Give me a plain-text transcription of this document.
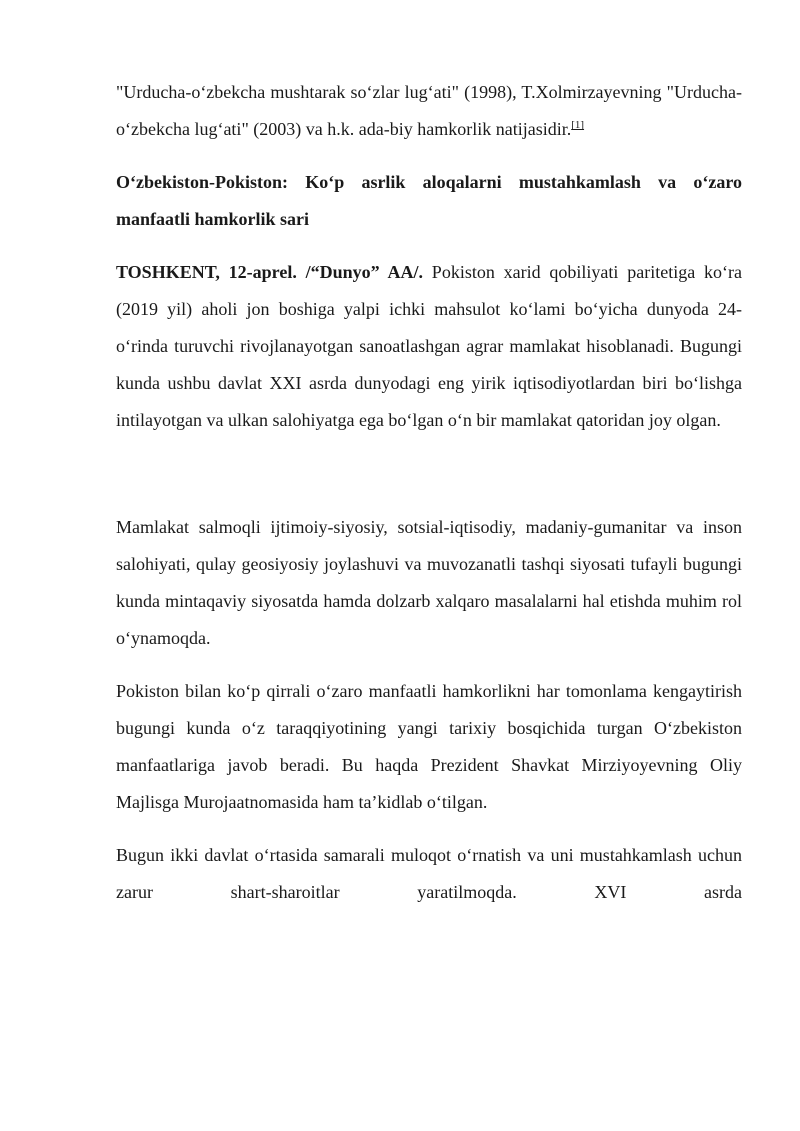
"Urducha-o‘zbekcha mushtarak so‘zlar lug‘ati" (1998), T.Xolmirzayevning "Urducha-o‘zbekcha lug‘ati" (2003) va h.k. ada-biy hamkorlik natijasidir.[1]

O‘zbekiston-Pokiston: Ko‘p asrlik aloqalarni mustahkamlash va o‘zaro manfaatli hamkorlik sari

TOSHKENT, 12-aprel. /“Dunyo” AA/. Pokiston xarid qobiliyati paritetiga ko‘ra (2019 yil) aholi jon boshiga yalpi ichki mahsulot ko‘lami bo‘yicha dunyoda 24-o‘rinda turuvchi rivojlanayotgan sanoatlashgan agrar mamlakat hisoblanadi. Bugungi kunda ushbu davlat XXI asrda dunyodagi eng yirik iqtisodiyotlardan biri bo‘lishga intilayotgan va ulkan salohiyatga ega bo‘lgan o‘n bir mamlakat qatoridan joy olgan.

Mamlakat salmoqli ijtimoiy-siyosiy, sotsial-iqtisodiy, madaniy-gumanitar va inson salohiyati, qulay geosiyosiy joylashuvi va muvozanatli tashqi siyosati tufayli bugungi kunda mintaqaviy siyosatda hamda dolzarb xalqaro masalalarni hal etishda muhim rol o‘ynamoqda.

Pokiston bilan ko‘p qirrali o‘zaro manfaatli hamkorlikni har tomonlama kengaytirish bugungi kunda o‘z taraqqiyotining yangi tarixiy bosqichida turgan O‘zbekiston manfaatlariga javob beradi. Bu haqda Prezident Shavkat Mirziyoyevning Oliy Majlisga Murojaatnomasida ham ta’kidlab o‘tilgan.

Bugun ikki davlat o‘rtasida samarali muloqot o‘rnatish va uni mustahkamlash uchun zarur shart-sharoitlar yaratilmoqda. XVI asrda
